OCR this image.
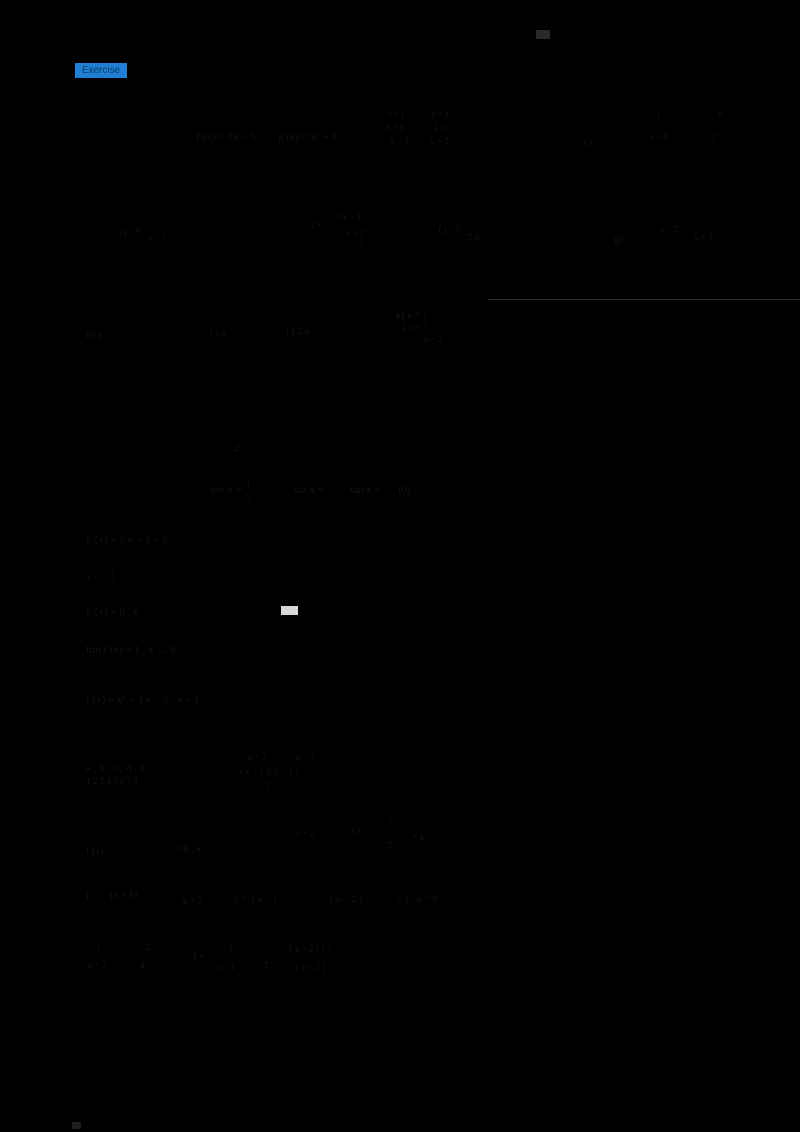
Exercise
f (x) = 2x − 3, g (x) = x² + 1
n = 1	k = 2
x + y	2 x
x − 1 y + 2	c)
1	n
a + b	2
2) a
x + 1
2 +
3 x − 1
x + 2
2
f ) x
2 x	g)
x − 2
x + 3
h) x	i ) x	j ) 2 x
k) x + 1
2 x + 3
x − 2
2
cos x = 1
2
sin x = tan x = (0)
f ′(x) = 2 x + 3 = 0
x =
3
2
f ′(x) = 0 , x
lim f (x) = 1 , x → 0
f (x) = x² + 3 x − 2 , x = 1
a , b , c , d , e
1 2 3 4 5 6 7 8
x + 2	x − 3
( x + 1 )( x − 1 )
2
f (x)	= 0 , x
x + 2	3 x
1
2
= x
f ′ (x + 1)
x = 2	y = 3 x − 1	( x − 2 )	= 2 , x > 0
1	2
x + 3	4
1 =
3
x − 1	2
3 x + 2 ( 1 )
( x + 2 )
